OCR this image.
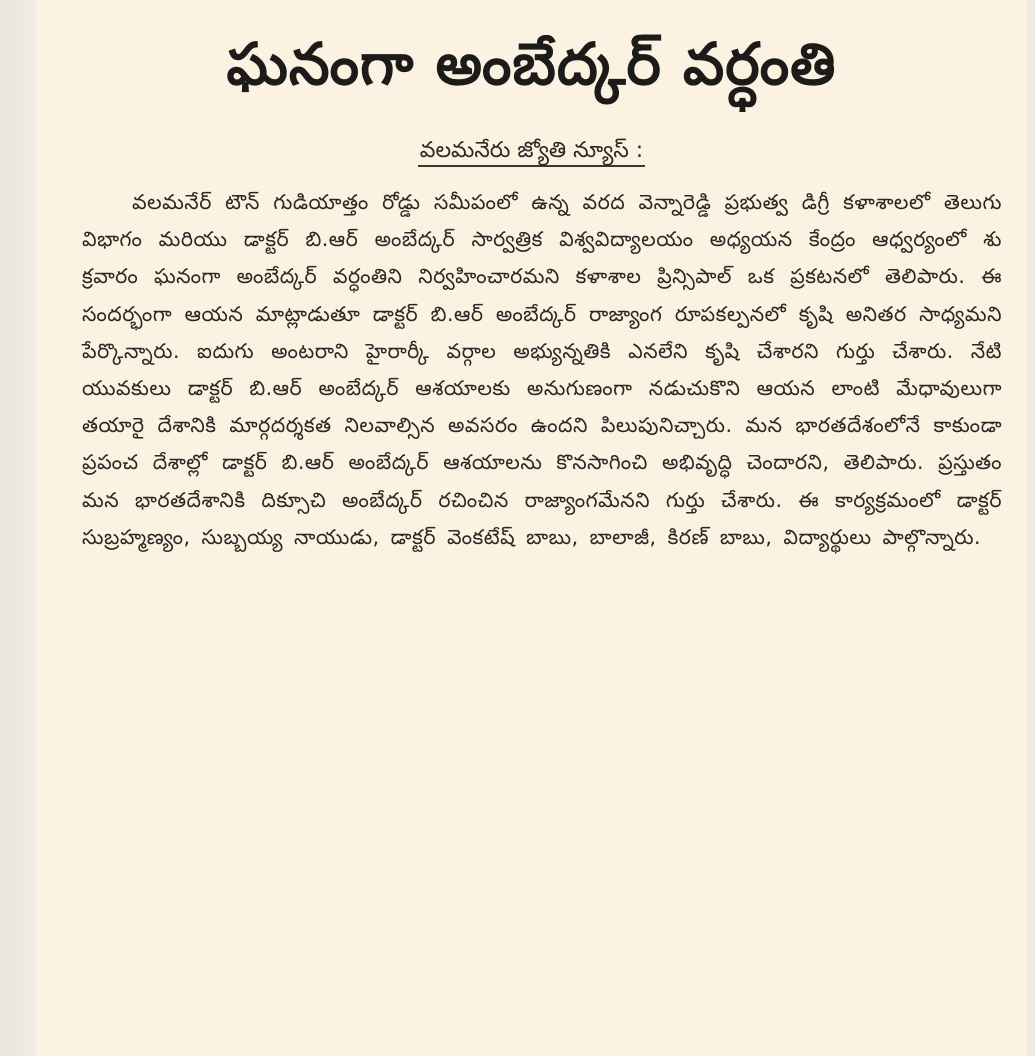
ఘనంగా అంబేద్కర్ వర్ధంతి
వలమనేరు జ్యోతి న్యూస్ :
వలమనేర్ టౌన్ గుడియాత్తం రోడ్డు సమీపంలో ఉన్న వరద వెన్నారెడ్డి ప్రభుత్వ డిగ్రీ కళాశాలలో తెలుగు విభాగం మరియు డాక్టర్ బి.ఆర్ అంబేద్కర్ సార్వత్రిక విశ్వవిద్యాలయం అధ్యయన కేంద్రం ఆధ్వర్యంలో శు క్రవారం ఘనంగా అంబేద్కర్ వర్ధంతిని నిర్వహించారమని కళాశాల ప్రిన్సిపాల్ ఒక ప్రకటనలో తెలిపారు. ఈ సందర్భంగా ఆయన మాట్లాడుతూ డాక్టర్ బి.ఆర్ అంబేద్కర్ రాజ్యాంగ రూపకల్పనలో కృషి అనితర సాధ్యమని పేర్కొన్నారు. ఐదుగు అంటరాని హైరార్కీ వర్గాల అభ్యున్నతికి ఎనలేని కృషి చేశారని గుర్తు చేశారు. నేటి యువకులు డాక్టర్ బి.ఆర్ అంబేద్కర్ ఆశయాలకు అనుగుణంగా నడుచుకొని ఆయన లాంటి మేధావులుగా తయారై దేశానికి మార్గదర్శకత నిలవాల్సిన అవసరం ఉందని పిలుపునిచ్చారు. మన భారతదేశంలోనే కాకుండా ప్రపంచ దేశాల్లో డాక్టర్ బి.ఆర్ అంబేద్కర్ ఆశయాలను కొనసాగించి అభివృద్ధి చెందారని, తెలిపారు. ప్రస్తుతం మన భారతదేశానికి దిక్సూచి అంబేద్కర్ రచించిన రాజ్యాంగమేనని గుర్తు చేశారు. ఈ కార్యక్రమంలో డాక్టర్ సుబ్రహ్మణ్యం, సుబ్బయ్య నాయుడు, డాక్టర్ వెంకటేష్ బాబు, బాలాజీ, కిరణ్ బాబు, విద్యార్థులు పాల్గొన్నారు.
